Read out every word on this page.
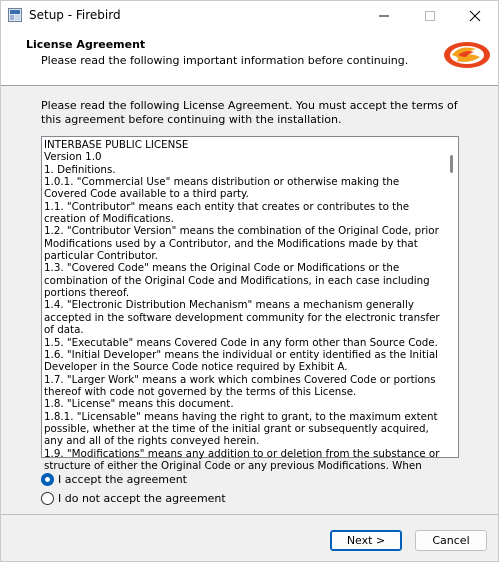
Setup - Firebird
License Agreement
Please read the following important information before continuing.
Please read the following License Agreement. You must accept the terms of this agreement before continuing with the installation.
INTERBASE PUBLIC LICENSE
Version 1.0
1. Definitions.
1.0.1. "Commercial Use" means distribution or otherwise making the Covered Code available to a third party.
1.1. "Contributor" means each entity that creates or contributes to the creation of Modifications.
1.2. "Contributor Version" means the combination of the Original Code, prior Modifications used by a Contributor, and the Modifications made by that particular Contributor.
1.3. "Covered Code" means the Original Code or Modifications or the combination of the Original Code and Modifications, in each case including portions thereof.
1.4. "Electronic Distribution Mechanism" means a mechanism generally accepted in the software development community for the electronic transfer of data.
1.5. "Executable" means Covered Code in any form other than Source Code.
1.6. "Initial Developer" means the individual or entity identified as the Initial Developer in the Source Code notice required by Exhibit A.
1.7. "Larger Work" means a work which combines Covered Code or portions thereof with code not governed by the terms of this License.
1.8. "License" means this document.
1.8.1. "Licensable" means having the right to grant, to the maximum extent possible, whether at the time of the initial grant or subsequently acquired, any and all of the rights conveyed herein.
1.9. "Modifications" means any addition to or deletion from the substance or structure of either the Original Code or any previous Modifications. When
I accept the agreement
I do not accept the agreement
Next >	Cancel
